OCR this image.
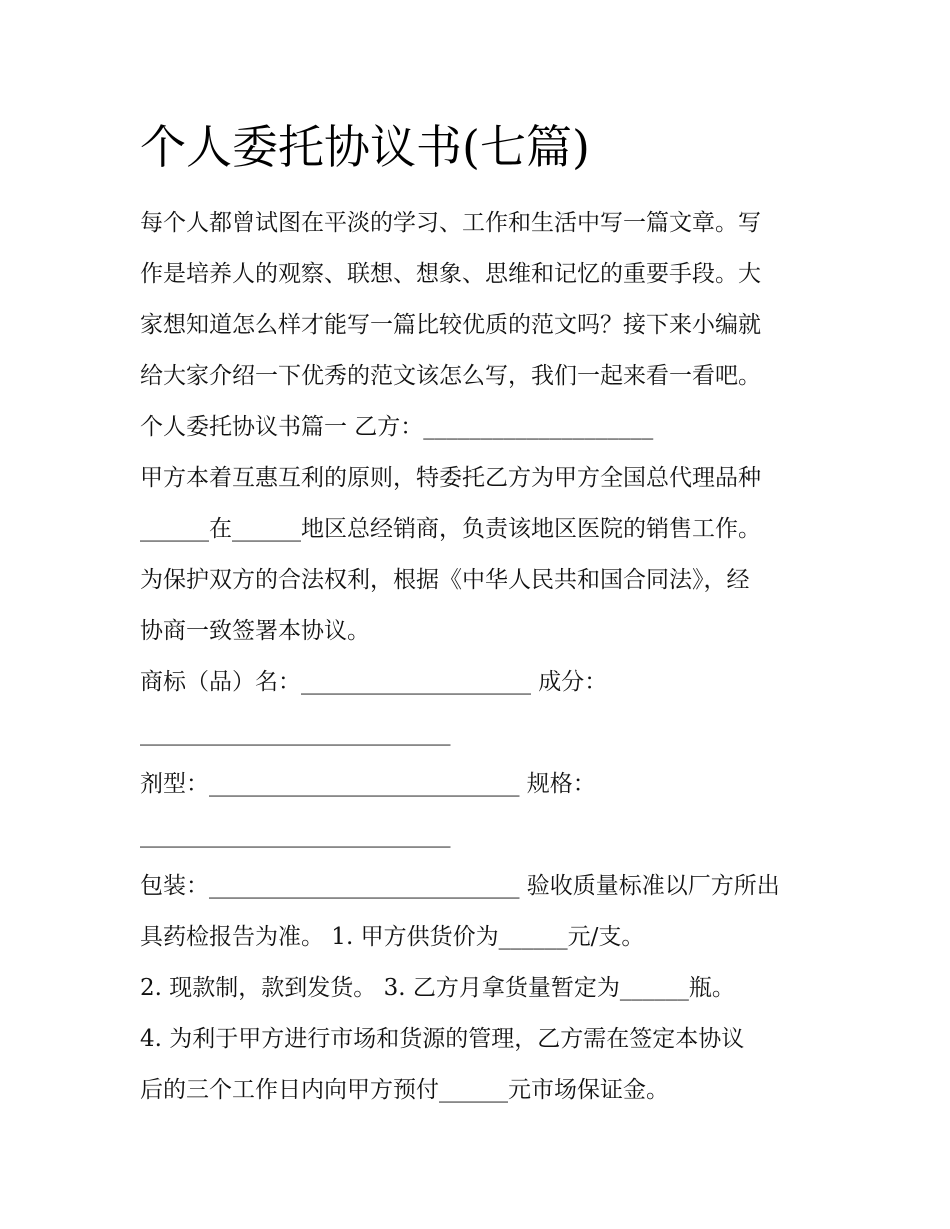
个人委托协议书(七篇)
每个人都曾试图在平淡的学习、工作和生活中写一篇文章。写
作是培养人的观察、联想、想象、思维和记忆的重要手段。大
家想知道怎么样才能写一篇比较优质的范文吗？接下来小编就
给大家介绍一下优秀的范文该怎么写，我们一起来看一看吧。
个人委托协议书篇一 乙方：____________________
甲方本着互惠互利的原则，特委托乙方为甲方全国总代理品种
______在______地区总经销商，负责该地区医院的销售工作。
为保护双方的合法权利，根据《中华人民共和国合同法》，经
协商一致签署本协议。
商标（品）名：____________________ 成分：
___________________________
剂型：___________________________ 规格：
___________________________
包装：___________________________ 验收质量标准以厂方所出
具药检报告为准。 1. 甲方供货价为______元/支。
2. 现款制，款到发货。 3. 乙方月拿货量暂定为______瓶。
4. 为利于甲方进行市场和货源的管理，乙方需在签定本协议
后的三个工作日内向甲方预付______元市场保证金。
